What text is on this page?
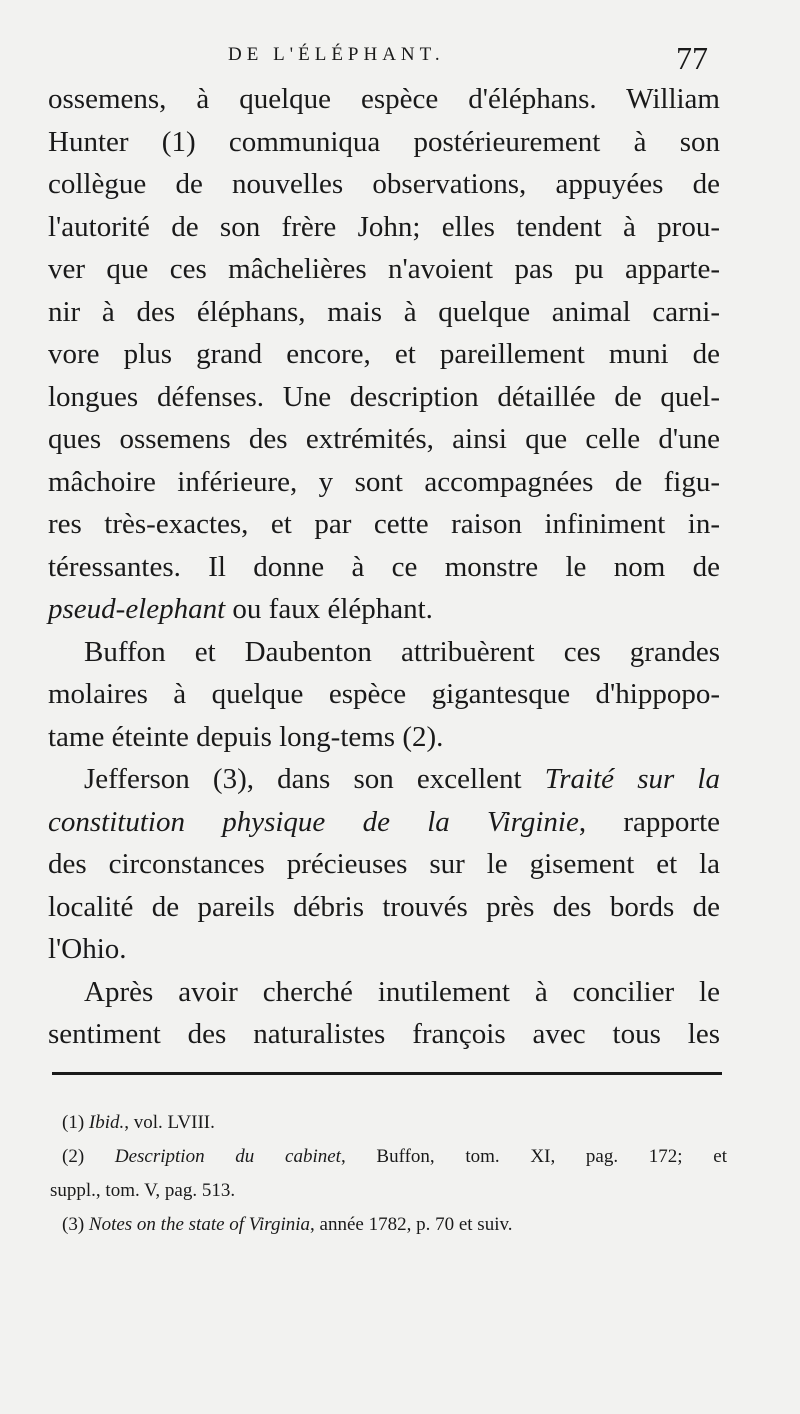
DE L'ÉLÉPHANT.	77
ossemens, à quelque espèce d'éléphans. William
Hunter (1) communiqua postérieurement à son
collègue de nouvelles observations, appuyées de
l'autorité de son frère John; elles tendent à prou-
ver que ces mâchelières n'avoient pas pu apparte-
nir à des éléphans, mais à quelque animal carni-
vore plus grand encore, et pareillement muni de
longues défenses. Une description détaillée de quel-
ques ossemens des extrémités, ainsi que celle d'une
mâchoire inférieure, y sont accompagnées de figu-
res très-exactes, et par cette raison infiniment in-
téressantes. Il donne à ce monstre le nom de
pseud-elephant ou faux éléphant.
Buffon et Daubenton attribuèrent ces grandes
molaires à quelque espèce gigantesque d'hippopo-
tame éteinte depuis long-tems (2).
Jefferson (3), dans son excellent Traité sur la
constitution physique de la Virginie, rapporte
des circonstances précieuses sur le gisement et la
localité de pareils débris trouvés près des bords de
l'Ohio.
Après avoir cherché inutilement à concilier le
sentiment des naturalistes françois avec tous les
(1) Ibid., vol. LVIII.
(2) Description du cabinet, Buffon, tom. XI, pag. 172; et
suppl., tom. V, pag. 513.
(3) Notes on the state of Virginia, année 1782, p. 70 et suiv.
